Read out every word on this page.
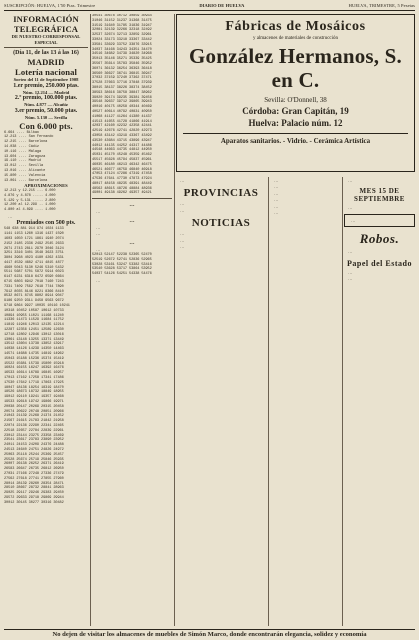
SUSCRIPCIÓN: HUELVA, 1'50 Ptas. Trimestre	DIARIO DE HUELVA	HUELVA, TRIMESTRE, 5 Pesetas
INFORMACIÓN TELEGRÁFICA
DE NUESTRO CORRESPONSAL ESPECIAL
(Día 11, de las 13 á las 16)
MADRID
Lotería nacional
Sorteo del 11 de Septiembre 1908
1.er premio, 250.000 ptas.
Núm. 12.214 — Madrid
2.º premio, 100.000 ptas.
Núm. 4.877 — Alcañiz
3.er premio, 50.000 ptas.
Núm. 5.130 — Sevilla
Con 6.000 pts.
6.664 .... Bilbao
12.213 .... San Fernando
12.215 .... Barcelona
14.038 .... Cádiz
10.116 .... Málaga
13.604 .... Zaragoza
19.110 .... Madrid
13.012 .... Sevilla
13.016 .... Alicante
15.800 .... Valencia
13.061 .... Barcelona
APROXIMACIONES
12.213 y 12.215 ... 6.000
4.876 y 4.878 ..... 4.000
5.129 y 5.131 ..... 2.800
12.200 al 12.299 .. 1.000
4.800 al 4.899 .... 1.000
…
Premiados con 500 pts.
548 638 881 914 974 1024 1133
1141 1153 1260 1316 1437 1590
1603 1650 1721 1861 1940 2074
2152 2185 2336 2492 2545 2633
2671 2743 2811 2970 3046 3124
3251 3316 3401 3548 3623 3751
3804 3968 4023 4180 4262 4331
4417 4539 4682 4711 4815 4877
4960 5043 5130 5246 5310 5432
5511 5687 5701 5872 5914 6023
6147 6231 6318 6472 6590 6664
6715 6803 6942 7018 7160 7243
7331 7409 7562 7618 7744 7890
7912 8035 8146 8221 8366 8410
8532 8671 8745 8802 8914 9047
9186 9250 9311 9458 9563 9672
9718 9864 9927 10035 10116 10241
10318 10452 10587 10612 10733
10894 10955 11021 11168 11240
11336 11473 11529 11684 11752
11819 11946 12013 12135 12214
12287 12356 12451 12589 12630
12718 12802 12946 13012 13016
13061 13148 13255 13371 13449
13512 13604 13738 13852 13917
14038 14126 14239 14350 14463
14571 14688 14735 14819 14962
15043 15188 15236 15374 15419
15522 15681 15739 15800 15918
16024 16155 16247 16392 16476
16533 16614 16789 16845 16957
17013 17162 17258 17341 17486
17530 17642 17719 17863 17925
18047 18136 18254 18319 18470
18526 18673 18732 18849 18955
19012 19110 19241 19357 19468
19533 19618 19742 19866 19971
20038 20147 20269 20315 20458
20574 20622 20748 20851 20966
21043 21139 21268 21374 21452
21567 21615 21783 21842 21958
22074 22136 22290 22341 22465
22518 22657 22784 22839 22961
23012 23144 23275 23358 23469
23541 23617 23783 23890 23952
24011 24153 24209 24376 24488
24513 24640 24751 24826 24972
25063 25118 25244 25369 25457
25528 25674 25719 25846 25935
26007 26138 26252 26371 26419
26583 26647 26735 26812 26950
27031 27166 27248 27336 27479
27562 27618 27741 27855 27960
28014 28139 28260 28354 28471
28510 28667 28732 28841 28963
29025 29117 29246 29383 29450
29572 29633 29718 29869 29944
30012 30145 30277 30316 30482
30541 30678 30712 30859 30934
31046 31152 31237 31368 31475
31519 31640 31785 31836 31947
32081 32139 32266 32318 32492
32537 32674 32713 32859 32961
33024 33173 33218 33367 33442
33581 33629 33752 33876 33915
34037 34168 34243 34351 34470
34516 34682 34739 34820 34968
35013 35146 35271 35339 35425
35567 35614 35783 35846 35952
36071 36132 36254 36393 36418
36560 36627 36741 36815 36947
37032 37159 37240 37362 37471
37528 37663 37716 37848 37939
38015 38137 38226 38374 38452
38593 38616 38758 38847 38962
39020 39174 39235 39381 39456
39548 39637 39712 39865 39943
40016 40175 40258 40344 40469
40527 40614 40792 40831 40950
41068 41127 41264 41380 41437
41513 41655 41728 41866 41914
42037 42160 42232 42358 42441
42519 42676 42741 42820 42973
43058 43142 43219 43367 43492
43530 43684 43715 43896 43947
44012 44135 44252 44317 44486
44548 44663 44735 44812 44950
45031 45170 45248 45359 45462
45517 45628 45794 45837 45961
46035 46180 46213 46342 46475
46521 46677 46759 46840 46918
47053 47124 47286 47319 47458
47536 47641 47730 47873 47924
48017 48158 48235 48391 48449
48562 48615 48726 48884 48936
49001 49138 49262 49357 49421
…
…
…
…
…
…
…
52013 52147 52238 52365 52470
52519 52672 52741 52836 52965
53028 53161 53247 53382 53416
53540 53628 53717 53864 53952
54037 54126 54251 54338 54476
…
Fábricas de Mosáicos
y almacenes de materiales de construcción
González Hermanos, S. en C.
Sevilla: O'Donnell, 38
Córdoba: Gran Capitán, 19
Huelva: Palacio núm. 12
Aparatos sanitarios. - Vidrio. - Cerámica Artística
…
PROVINCIAS
…
…
NOTICIAS
…
…
…
…
…
…
…
…
…
…
MES 15 DE SEPTIEMBRE
…
…
Robos.
…
Papel del Estado
…
…
No dejen de visitar los almacenes de muebles de Simón Marco, donde encontrarán elegancia, solidez y economía
